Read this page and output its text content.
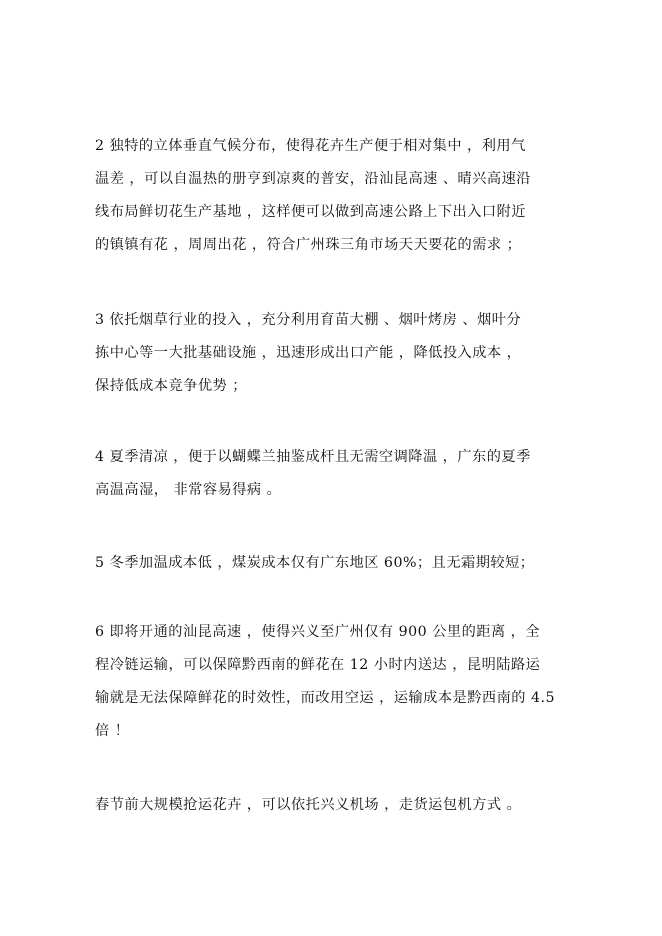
2 独特的立体垂直气候分布，使得花卉生产便于相对集中 ，利用气
温差 ，可以自温热的册亨到凉爽的普安，沿汕昆高速 、晴兴高速沿
线布局鲜切花生产基地 ，这样便可以做到高速公路上下出入口附近
的镇镇有花 ，周周出花 ，符合广州珠三角市场天天要花的需求 ；

3 依托烟草行业的投入 ，充分利用育苗大棚 、烟叶烤房 、烟叶分
拣中心等一大批基础设施 ，迅速形成出口产能 ，降低投入成本 ，
保持低成本竞争优势 ；

4 夏季清凉 ，便于以蝴蝶兰抽鉴成杆且无需空调降温 ，广东的夏季
高温高湿， 非常容易得病 。

5 冬季加温成本低 ，煤炭成本仅有广东地区 60%；且无霜期较短；

6 即将开通的汕昆高速 ，使得兴义至广州仅有 900 公里的距离 ，全
程冷链运输，可以保障黔西南的鲜花在 12 小时内送达 ，昆明陆路运
输就是无法保障鲜花的时效性，而改用空运 ，运输成本是黔西南的 4.5
倍 ！

春节前大规模抢运花卉 ，可以依托兴义机场 ，走货运包机方式 。
